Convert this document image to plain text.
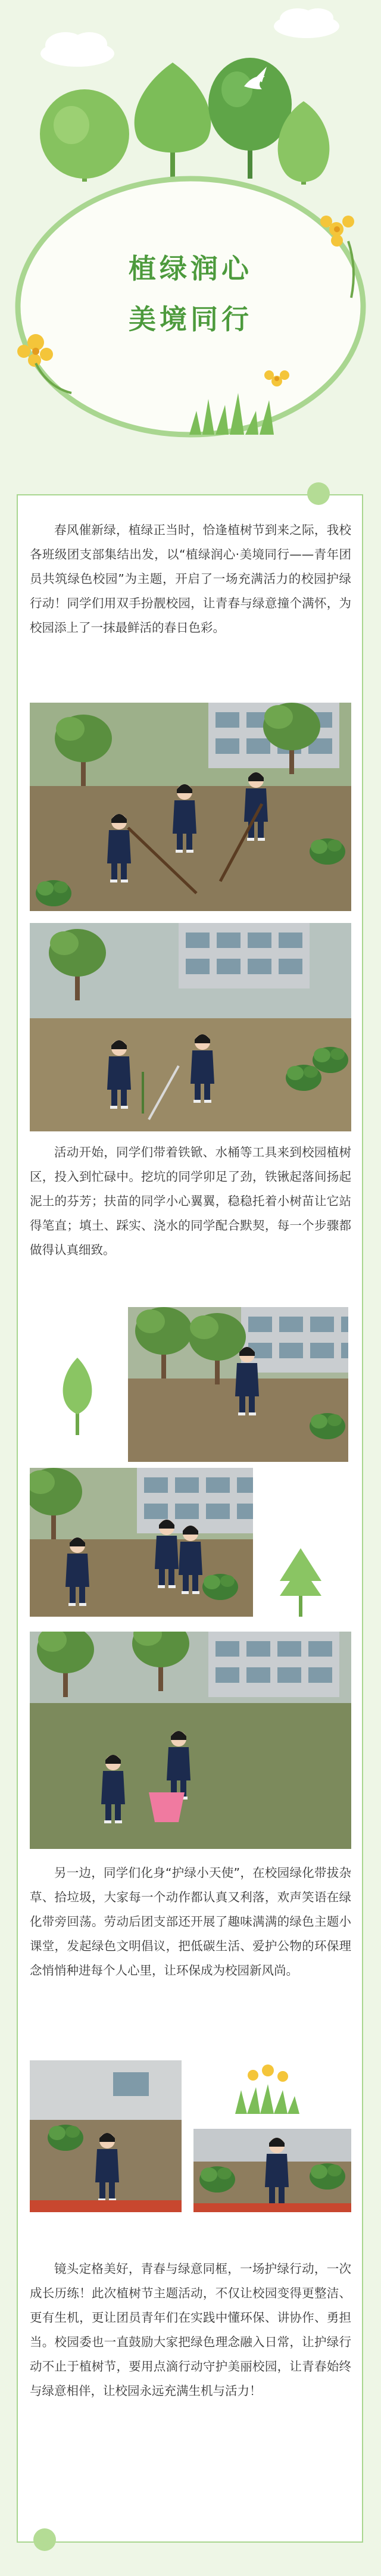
植绿润心
美境同行

春风催新绿，植绿正当时，恰逢植树节到来之际，我校各班级团支部集结出发，以“植绿润心·美境同行——青年团员共筑绿色校园”为主题，开启了一场充满活力的校园护绿行动！同学们用双手扮靓校园，让青春与绿意撞个满怀，为校园添上了一抹最鲜活的春日色彩。

活动开始，同学们带着铁锨、水桶等工具来到校园植树区，投入到忙碌中。挖坑的同学卯足了劲，铁锹起落间扬起泥土的芬芳；扶苗的同学小心翼翼，稳稳托着小树苗让它站得笔直；填土、踩实、浇水的同学配合默契，每一个步骤都做得认真细致。

另一边，同学们化身“护绿小天使”，在校园绿化带拔杂草、拾垃圾，大家每一个动作都认真又利落，欢声笑语在绿化带旁回荡。劳动后团支部还开展了趣味满满的绿色主题小课堂，发起绿色文明倡议，把低碳生活、爱护公物的环保理念悄悄种进每个人心里，让环保成为校园新风尚。

镜头定格美好，青春与绿意同框，一场护绿行动，一次成长历练！此次植树节主题活动，不仅让校园变得更整洁、更有生机，更让团员青年们在实践中懂环保、讲协作、勇担当。校园委也一直鼓励大家把绿色理念融入日常，让护绿行动不止于植树节，要用点滴行动守护美丽校园，让青春始终与绿意相伴，让校园永远充满生机与活力！
